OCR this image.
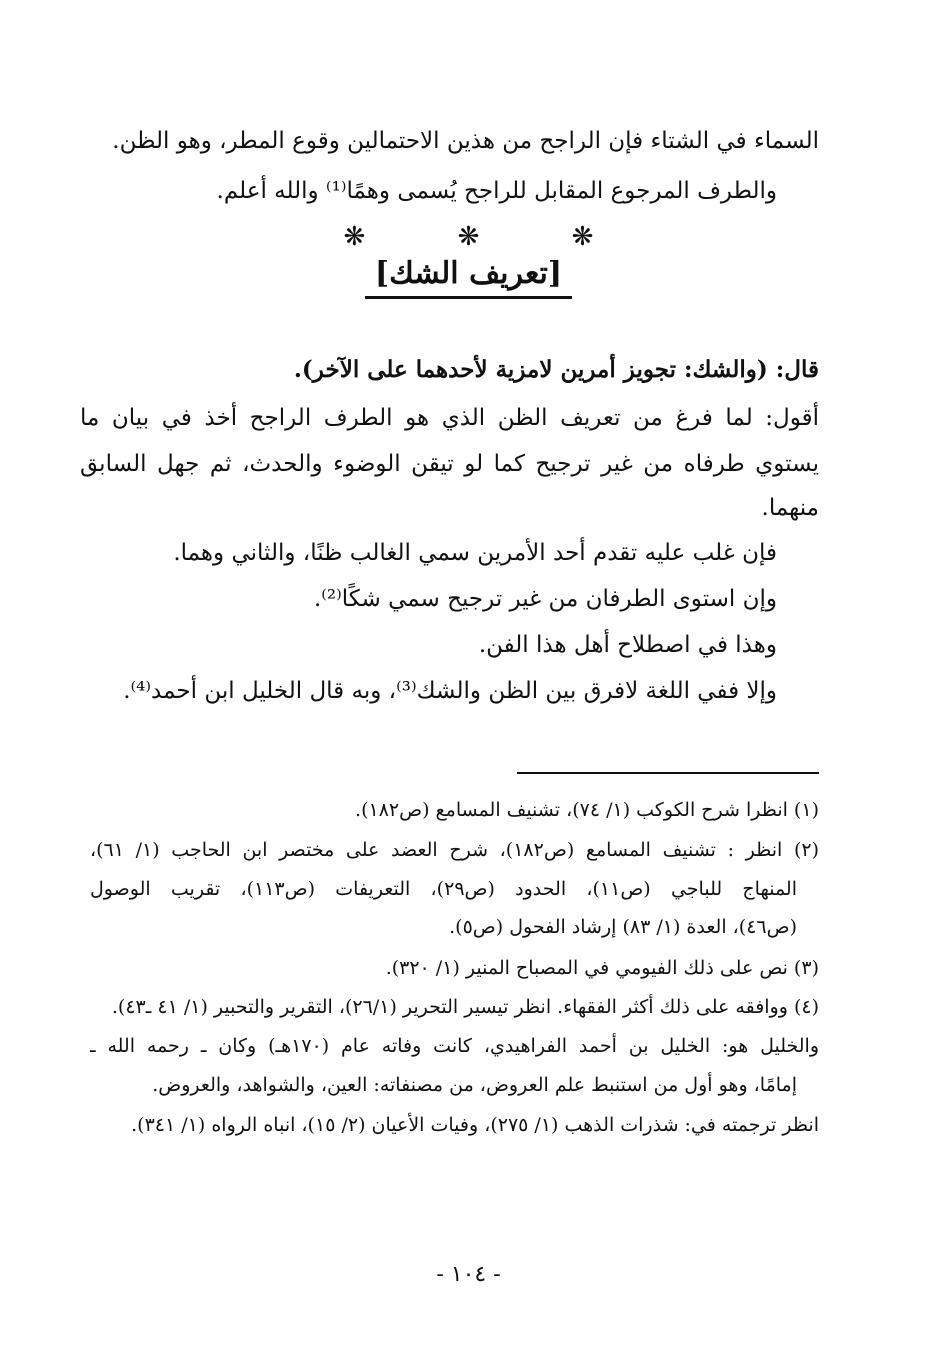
السماء في الشتاء فإن الراجح من هذين الاحتمالين وقوع المطر، وهو الظن.
والطرف المرجوع المقابل للراجح يُسمى وهمًا⁽¹⁾ والله أعلم.
❋	❋	❋
[تعريف الشك]
قال: (والشك: تجويز أمرين لامزية لأحدهما على الآخر).
أقول: لما فرغ من تعريف الظن الذي هو الطرف الراجح أخذ في بيان ما
يستوي طرفاه من غير ترجيح كما لو تيقن الوضوء والحدث، ثم جهل السابق
منهما.
فإن غلب عليه تقدم أحد الأمرين سمي الغالب ظنًا، والثاني وهما.
وإن استوى الطرفان من غير ترجيح سمي شكًا⁽²⁾.
وهذا في اصطلاح أهل هذا الفن.
وإلا ففي اللغة لافرق بين الظن والشك⁽³⁾، وبه قال الخليل ابن أحمد⁽⁴⁾.
(١) انظرا شرح الكوكب (١/ ٧٤)، تشنيف المسامع (ص١٨٢).
(٢) انظر : تشنيف المسامع (ص١٨٢)، شرح العضد على مختصر ابن الحاجب (١/ ٦١)،
المنهاج للباجي (ص١١)، الحدود (ص٢٩)، التعريفات (ص١١٣)، تقريب الوصول
(ص٤٦)، العدة (١/ ٨٣) إرشاد الفحول (ص٥).
(٣) نص على ذلك الفيومي في المصباح المنير (١/ ٣٢٠).
(٤) ووافقه على ذلك أكثر الفقهاء. انظر تيسير التحرير (٢٦/١)، التقرير والتحبير (١/ ٤١ ـ٤٣).
والخليل هو: الخليل بن أحمد الفراهيدي، كانت وفاته عام (١٧٠هـ) وكان ـ رحمه الله ـ
إمامًا، وهو أول من استنبط علم العروض، من مصنفاته: العين، والشواهد، والعروض.
انظر ترجمته في: شذرات الذهب (١/ ٢٧٥)، وفيات الأعيان (٢/ ١٥)، انباه الرواه (١/ ٣٤١).
- ١٠٤ -
